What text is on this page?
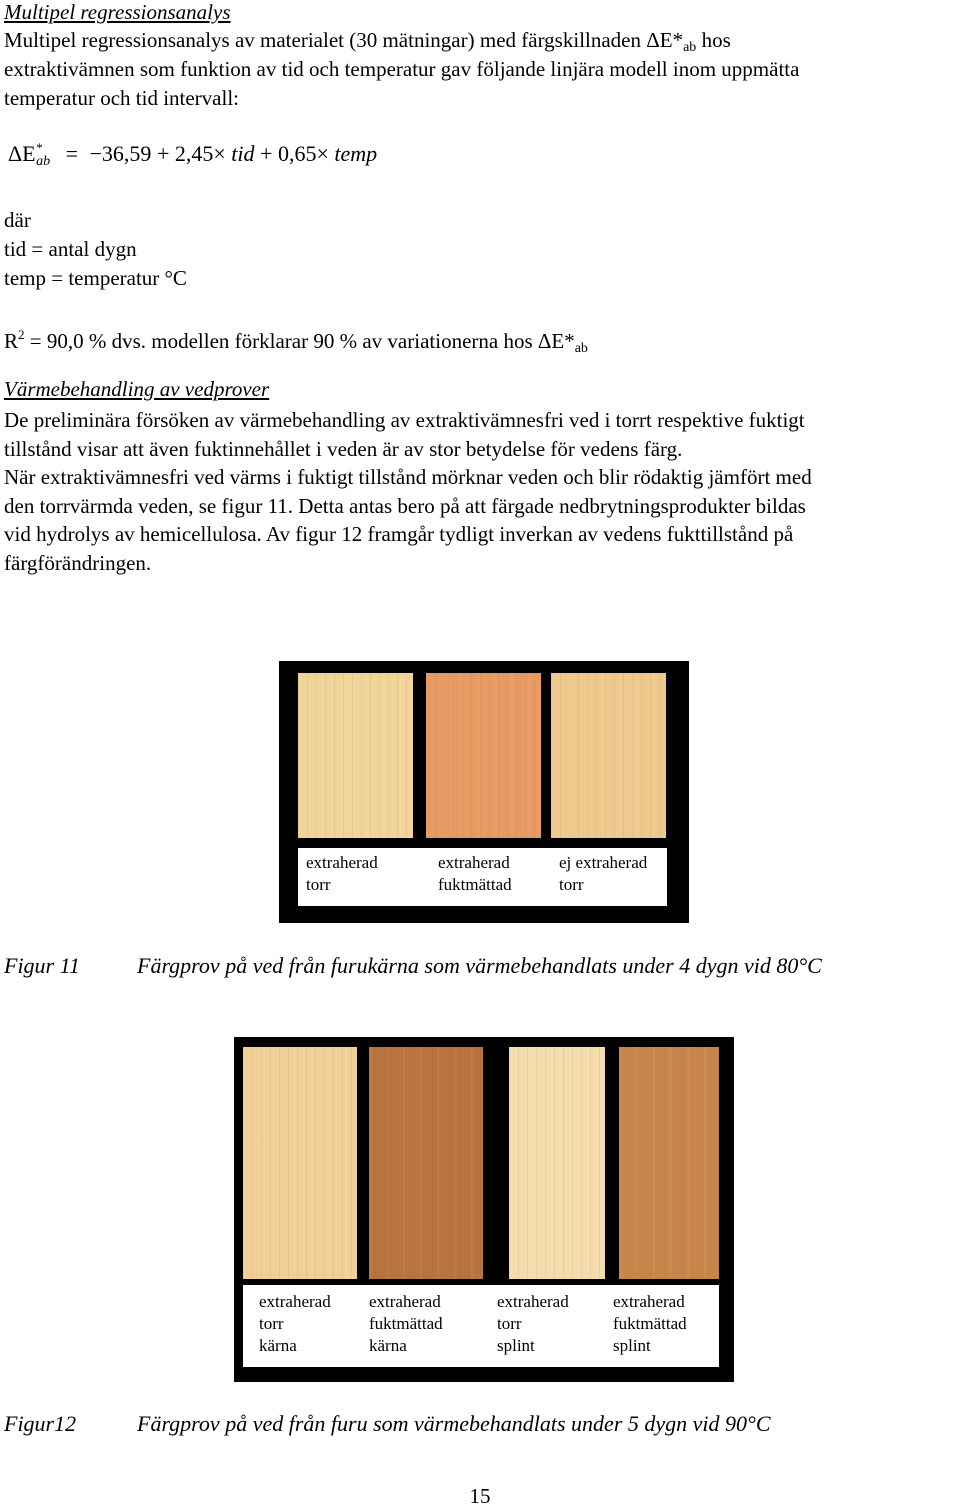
Multipel regressionsanalys
Multipel regressionsanalys av materialet (30 mätningar) med färgskillnaden $\Delta E*_{ab}$ hos
extraktivämnen som funktion av tid och temperatur gav följande linjära modell inom uppmätta
temperatur och tid intervall:
$\Delta E^*_{ab} = -36,59 + 2,45\times$ tid + 0,65× temp
där
tid = antal dygn
temp = temperatur °C
$R^2 = 90,0$ % dvs. modellen förklarar 90 % av variationerna hos $\Delta E*_{ab}$
Värmebehandling av vedprover
De preliminära försöken av värmebehandling av extraktivämnesfri ved i torrt respektive fuktigt
tillstånd visar att även fuktinnehållet i veden är av stor betydelse för vedens färg.
När extraktivämnesfri ved värms i fuktigt tillstånd mörknar veden och blir rödaktig jämfört med
den torrvärmda veden, se figur 11. Detta antas bero på att färgade nedbrytningsprodukter bildas
vid hydrolys av hemicellulosa. Av figur 12 framgår tydligt inverkan av vedens fukttillstånd på
färgförändringen.
extraherad
torr
extraherad
fuktmättad
ej extraherad
torr
Figur 11	Färgprov på ved från furukärna som värmebehandlats under 4 dygn vid 80°C
extraherad
torr
kärna
extraherad
fuktmättad
kärna
extraherad
torr
splint
extraherad
fuktmättad
splint
Figur12	Färgprov på ved från furu som värmebehandlats under 5 dygn vid 90°C
15
